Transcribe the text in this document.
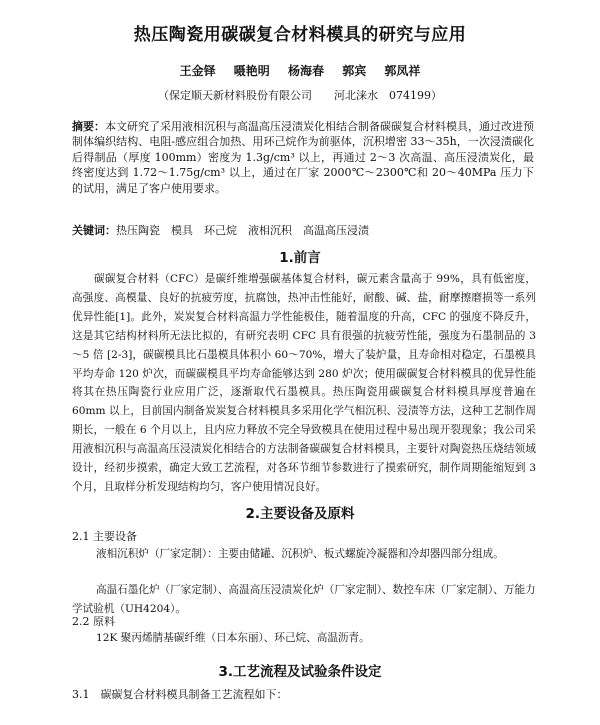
热压陶瓷用碳碳复合材料模具的研究与应用
王金铎 嗫艳明 杨海春 郭宾 郭凤祥
（保定顺天新材料股份有限公司　　河北涞水　074199）
摘要：本文研究了采用液相沉积与高温高压浸渍炭化相结合制备碳碳复合材料模具，通过改进预制体编织结构、电阻-感应组合加热、用环己烷作为前驱体，沉积增密 33～35h，一次浸渍碳化后得制品（厚度 100mm）密度为 1.3g/cm³ 以上，再通过 2～3 次高温、高压浸渍炭化，最终密度达到 1.72～1.75g/cm³ 以上，通过在厂家 2000℃～2300℃和 20～40MPa 压力下的试用，满足了客户使用要求。
关键词：热压陶瓷　模具　环己烷　液相沉积　高温高压浸渍
1.前言
碳碳复合材料（CFC）是碳纤维增强碳基体复合材料，碳元素含量高于 99%，具有低密度，高强度、高模量、良好的抗疲劳度，抗腐蚀，热冲击性能好，耐酸、碱、盐，耐摩擦磨损等一系列优异性能[1]。此外，炭炭复合材料高温力学性能极佳，随着温度的升高，CFC 的强度不降反升，这是其它结构材料所无法比拟的，有研究表明 CFC 具有很强的抗疲劳性能，强度为石墨制品的 3～5 倍 [2-3]，碳碳模具比石墨模具体积小 60～70%，增大了装炉量，且寿命相对稳定，石墨模具平均寿命 120 炉次，而碳碳模具平均寿命能够达到 280 炉次；使用碳碳复合材料模具的优异性能将其在热压陶瓷行业应用广泛，逐渐取代石墨模具。热压陶瓷用碳碳复合材料模具厚度普遍在 60mm 以上，目前国内制备炭炭复合材料模具多采用化学气相沉积、浸渍等方法，这种工艺制作周期长，一般在 6 个月以上，且内应力释放不完全导致模具在使用过程中易出现开裂现象；我公司采用液相沉积与高温高压浸渍炭化相结合的方法制备碳碳复合材料模具，主要针对陶瓷热压烧结领域设计，经初步摸索，确定大致工艺流程，对各环节细节参数进行了摸索研究，制作周期能缩短到 3 个月，且取样分析发现结构均匀，客户使用情况良好。
2.主要设备及原料
2.1 主要设备
液相沉积炉（厂家定制）：主要由储罐、沉积炉、板式螺旋冷凝器和冷却器四部分组成。
高温石墨化炉（厂家定制）、高温高压浸渍炭化炉（厂家定制）、数控车床（厂家定制）、万能力学试验机（UH4204）。
2.2 原料
12K 聚丙烯腈基碳纤维（日本东丽）、环己烷、高温沥青。
3.工艺流程及试验条件设定
3.1　碳碳复合材料模具制备工艺流程如下：
